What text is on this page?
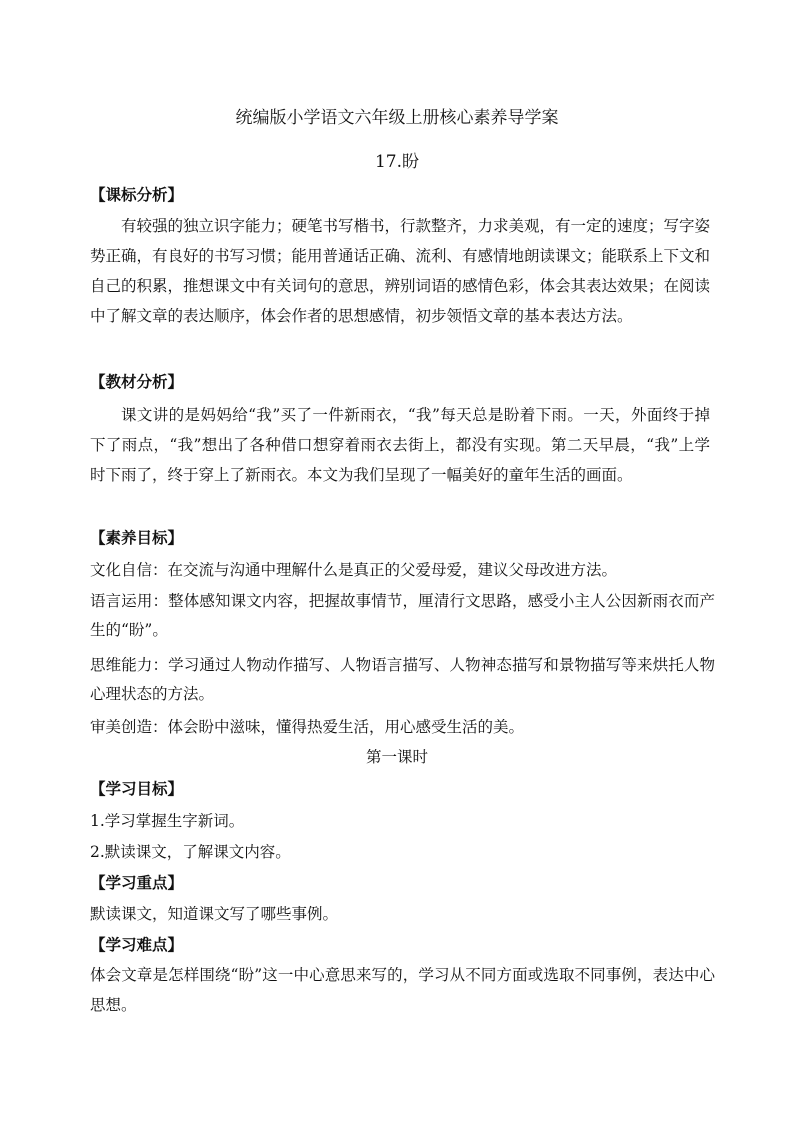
统编版小学语文六年级上册核心素养导学案
17.盼
【课标分析】
有较强的独立识字能力；硬笔书写楷书，行款整齐，力求美观，有一定的速度；写字姿势正确，有良好的书写习惯；能用普通话正确、流利、有感情地朗读课文；能联系上下文和自己的积累，推想课文中有关词句的意思，辨别词语的感情色彩，体会其表达效果；在阅读中了解文章的表达顺序，体会作者的思想感情，初步领悟文章的基本表达方法。
【教材分析】
课文讲的是妈妈给“我”买了一件新雨衣，“我”每天总是盼着下雨。一天，外面终于掉下了雨点，“我”想出了各种借口想穿着雨衣去街上，都没有实现。第二天早晨，“我”上学时下雨了，终于穿上了新雨衣。本文为我们呈现了一幅美好的童年生活的画面。
【素养目标】
文化自信：在交流与沟通中理解什么是真正的父爱母爱，建议父母改进方法。
语言运用：整体感知课文内容，把握故事情节，厘清行文思路，感受小主人公因新雨衣而产生的“盼”。
思维能力：学习通过人物动作描写、人物语言描写、人物神态描写和景物描写等来烘托人物心理状态的方法。
审美创造：体会盼中滋味，懂得热爱生活，用心感受生活的美。
第一课时
【学习目标】
1.学习掌握生字新词。
2.默读课文，了解课文内容。
【学习重点】
默读课文，知道课文写了哪些事例。
【学习难点】
体会文章是怎样围绕“盼”这一中心意思来写的，学习从不同方面或选取不同事例，表达中心思想。
